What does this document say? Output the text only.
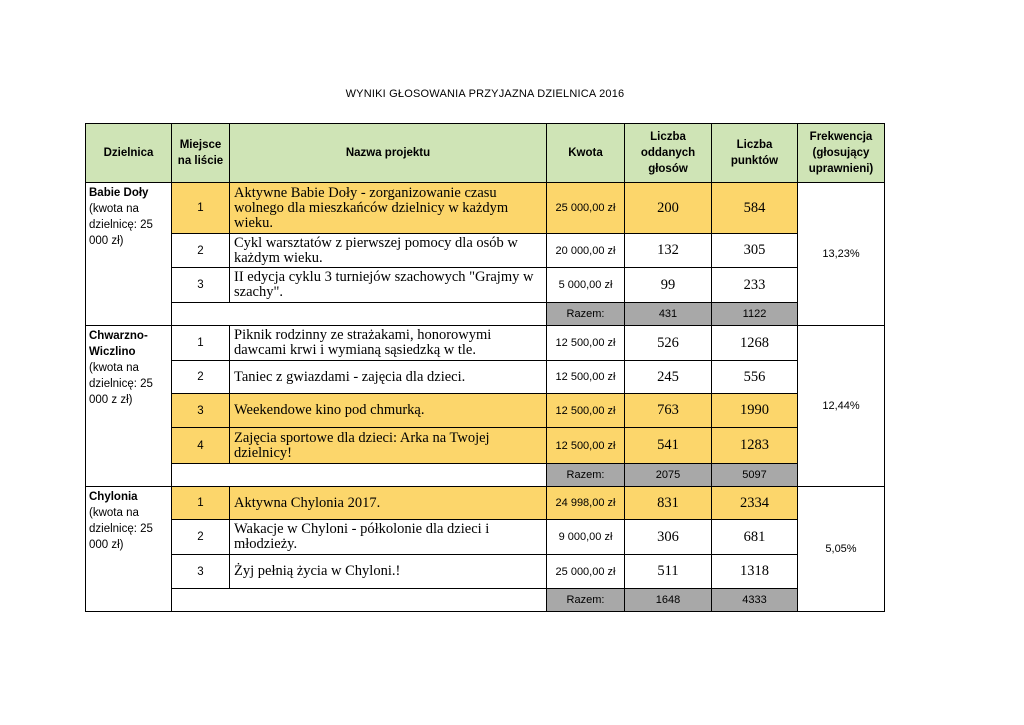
WYNIKI GŁOSOWANIA PRZYJAZNA DZIELNICA 2016
Dzielnica	Miejsce na liście	Nazwa projektu	Kwota	Liczba oddanych głosów	Liczba punktów	Frekwencja (głosujący uprawnieni)

Babie Doły
(kwota na dzielnicę: 25 000 zł)	1	Aktywne Babie Doły - zorganizowanie czasu wolnego dla mieszkańców dzielnicy w każdym wieku.	25 000,00 zł	200	584	13,23%
	2	Cykl warsztatów z pierwszej pomocy dla osób w każdym wieku.	20 000,00 zł	132	305	
	3	II edycja cyklu 3 turniejów szachowych "Grajmy w szachy".	5 000,00 zł	99	233	
			Razem:	431	1122	

Chwarzno-Wiczlino
(kwota na dzielnicę: 25 000 z zł)	1	Piknik rodzinny ze strażakami, honorowymi dawcami krwi i wymianą sąsiedzką w tle.	12 500,00 zł	526	1268	12,44%
	2	Taniec z gwiazdami - zajęcia dla dzieci.	12 500,00 zł	245	556	
	3	Weekendowe kino pod chmurką.	12 500,00 zł	763	1990	
	4	Zajęcia sportowe dla dzieci: Arka na Twojej dzielnicy!	12 500,00 zł	541	1283	
			Razem:	2075	5097	

Chylonia
(kwota na dzielnicę: 25 000 zł)	1	Aktywna Chylonia 2017.	24 998,00 zł	831	2334	5,05%
	2	Wakacje w Chyloni - półkolonie dla dzieci i młodzieży.	9 000,00 zł	306	681	
	3	Żyj pełnią życia w Chyloni.!	25 000,00 zł	511	1318	
			Razem:	1648	4333	
